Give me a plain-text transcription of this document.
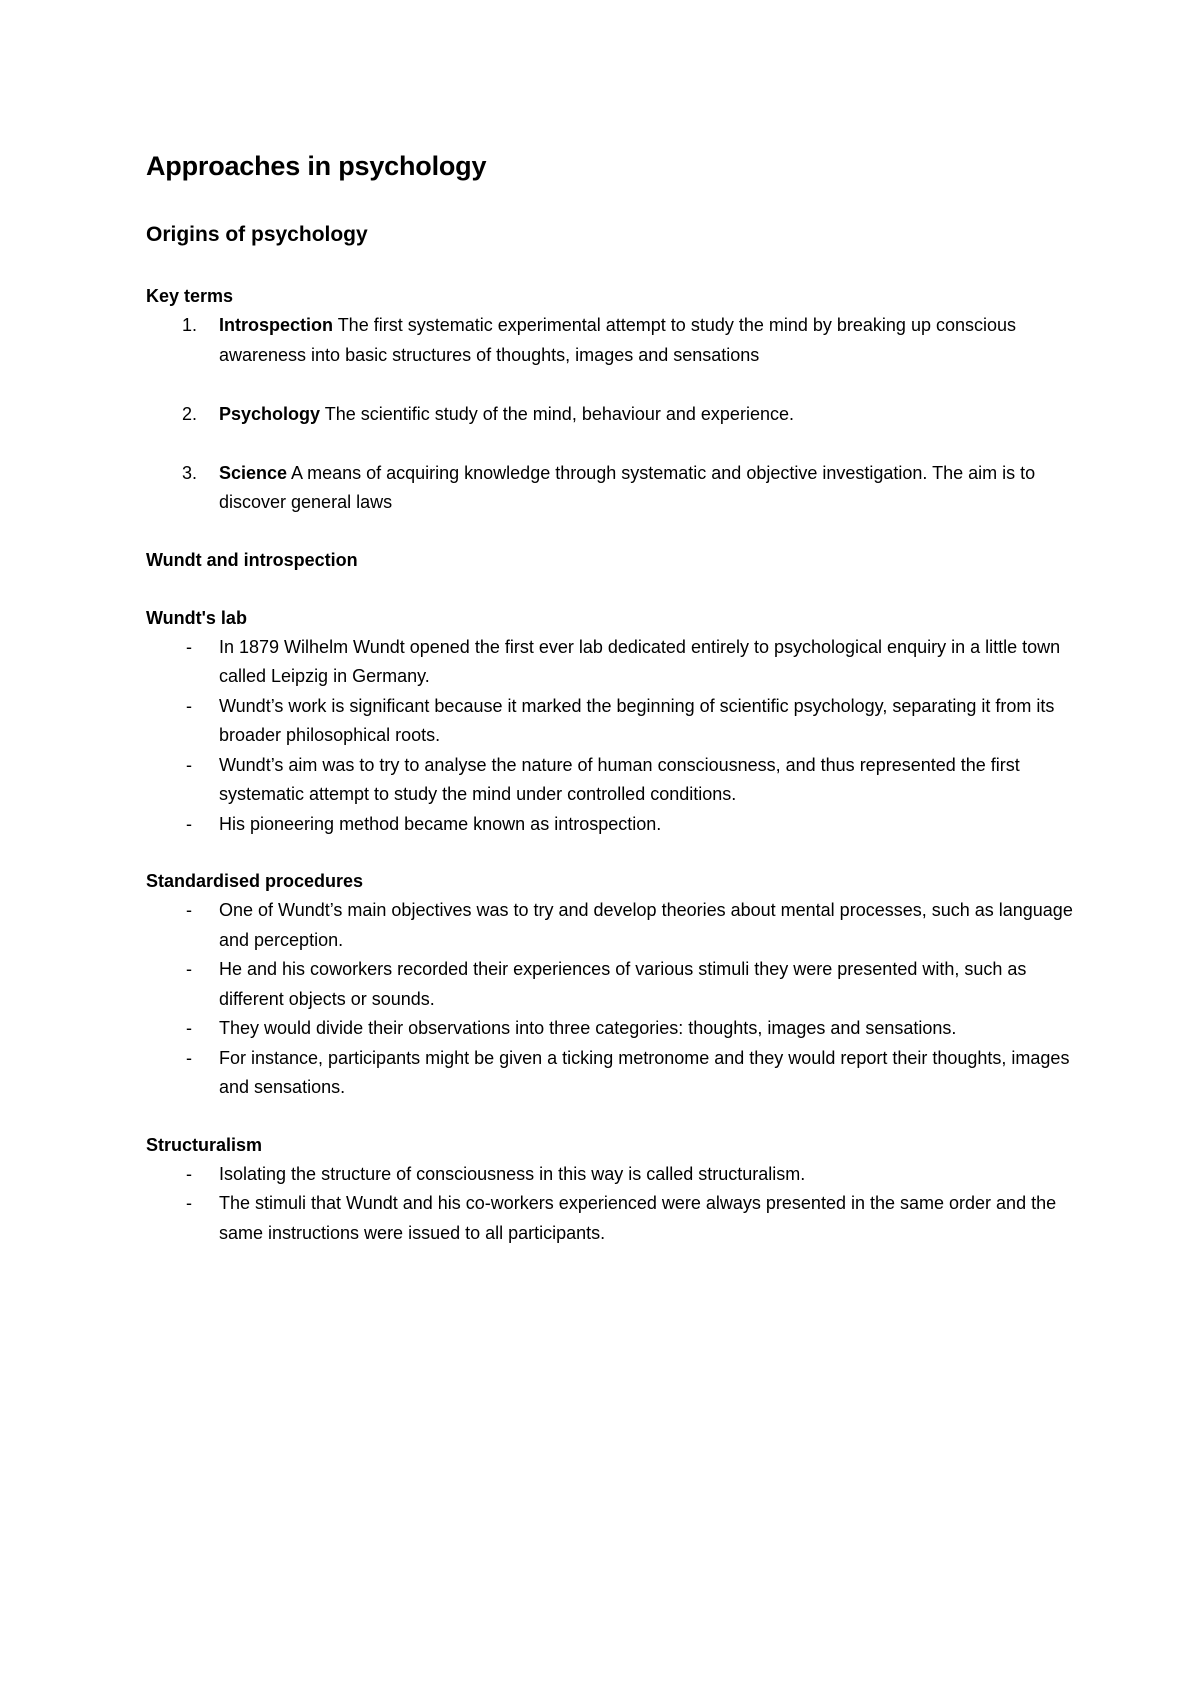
Approaches in psychology
Origins of psychology

Key terms

1. Introspection The first systematic experimental attempt to study the mind by breaking up conscious awareness into basic structures of thoughts, images and sensations
2. Psychology The scientific study of the mind, behaviour and experience.
3. Science A means of acquiring knowledge through systematic and objective investigation. The aim is to discover general laws

Wundt and introspection

Wundt's lab

- In 1879 Wilhelm Wundt opened the first ever lab dedicated entirely to psychological enquiry in a little town called Leipzig in Germany.
- Wundt’s work is significant because it marked the beginning of scientific psychology, separating it from its broader philosophical roots.
- Wundt’s aim was to try to analyse the nature of human consciousness, and thus represented the first systematic attempt to study the mind under controlled conditions.
- His pioneering method became known as introspection.

Standardised procedures

- One of Wundt’s main objectives was to try and develop theories about mental processes, such as language and perception.
- He and his coworkers recorded their experiences of various stimuli they were presented with, such as different objects or sounds.
- They would divide their observations into three categories: thoughts, images and sensations.
- For instance, participants might be given a ticking metronome and they would report their thoughts, images and sensations.

Structuralism

- Isolating the structure of consciousness in this way is called structuralism.
- The stimuli that Wundt and his co-workers experienced were always presented in the same order and the same instructions were issued to all participants.
